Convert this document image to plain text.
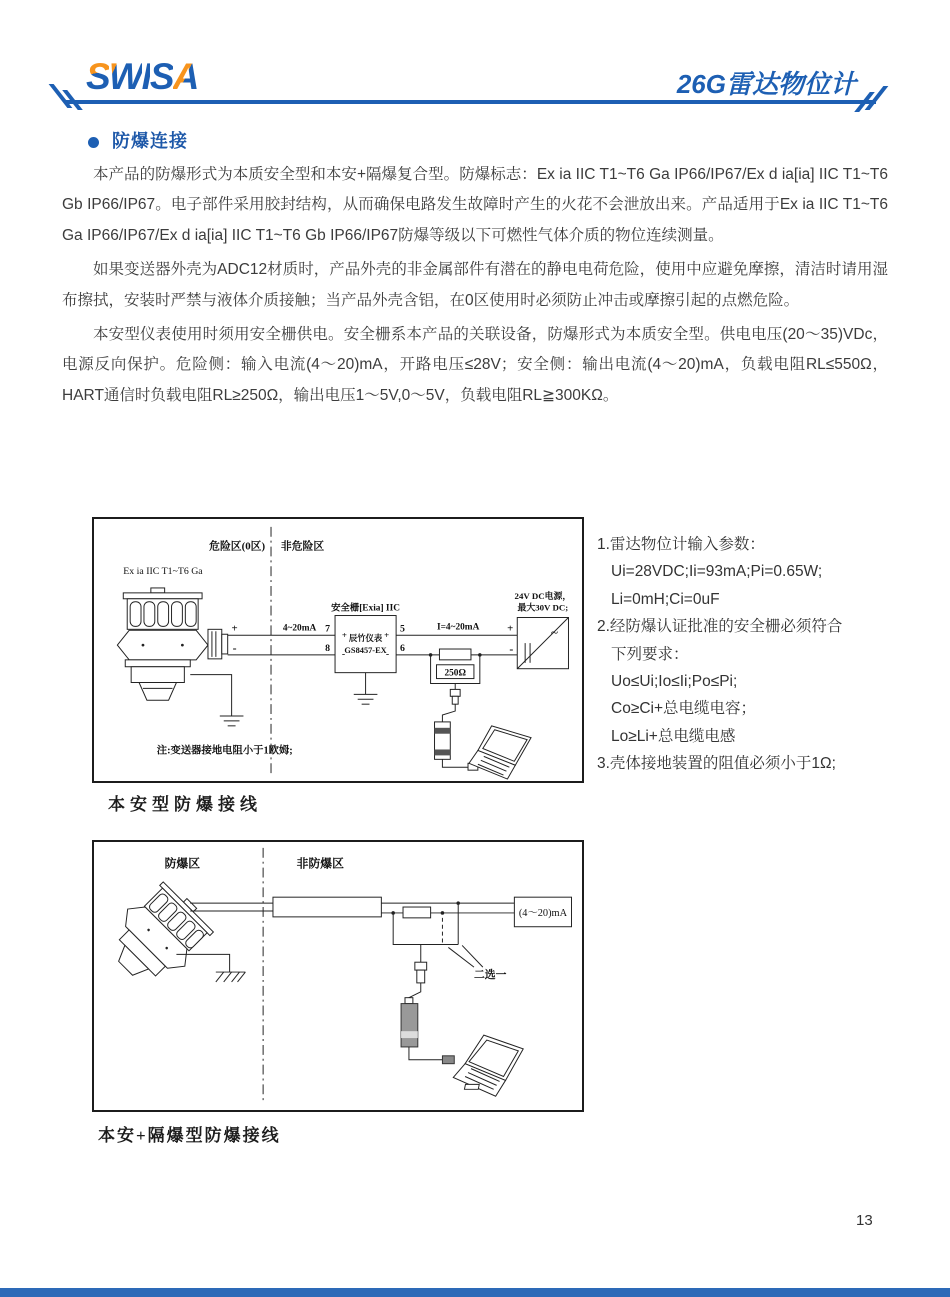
SWISA	26G雷达物位计
防爆连接

本产品的防爆形式为本质安全型和本安+隔爆复合型。防爆标志：Ex ia IIC T1~T6 Ga IP66/IP67/Ex d ia[ia] IIC T1~T6 Gb IP66/IP67。电子部件采用胶封结构，从而确保电路发生故障时产生的火花不会泄放出来。产品适用于Ex ia IIC T1~T6 Ga IP66/IP67/Ex d ia[ia] IIC T1~T6 Gb IP66/IP67防爆等级以下可燃性气体介质的物位连续测量。

如果变送器外壳为ADC12材质时，产品外壳的非金属部件有潜在的静电电荷危险，使用中应避免摩擦，清洁时请用湿布擦拭，安装时严禁与液体介质接触；当产品外壳含铝，在0区使用时必须防止冲击或摩擦引起的点燃危险。

本安型仪表使用时须用安全栅供电。安全栅系本产品的关联设备，防爆形式为本质安全型。供电电压(20～35)VDc，电源反向保护。危险侧：输入电流(4～20)mA，开路电压≤28V；安全侧：输出电流(4～20)mA，负载电阻RL≤550Ω，HART通信时负载电阻RL≥250Ω，输出电压1～5V,0～5V，负载电阻RL≧300KΩ。

危险区(0区) 非危险区
Ex ia IIC T1~T6 Ga
+
-
4~20mA 7
8
安全栅[Exia] IIC
+
-
+
-
辰竹仪表
GS8457-EX
5
6
I=4~20mA
250Ω
24V DC电源，
最大30V DC;
~
+
-
注:变送器接地电阻小于1欧姆;
本安型防爆接线
1.雷达物位计输入参数：
Ui=28VDC;Ii=93mA;Pi=0.65W;
Li=0mH;Ci=0uF
2.经防爆认证批准的安全栅必须符合
下列要求：
Uo≤Ui;Io≤Ii;Po≤Pi;
Co≥Ci+总电缆电容；
Lo≥Li+总电缆电感
3.壳体接地装置的阻值必须小于1Ω;
防爆区	非防爆区
二选一
(4～20)mA
本安+隔爆型防爆接线
13
